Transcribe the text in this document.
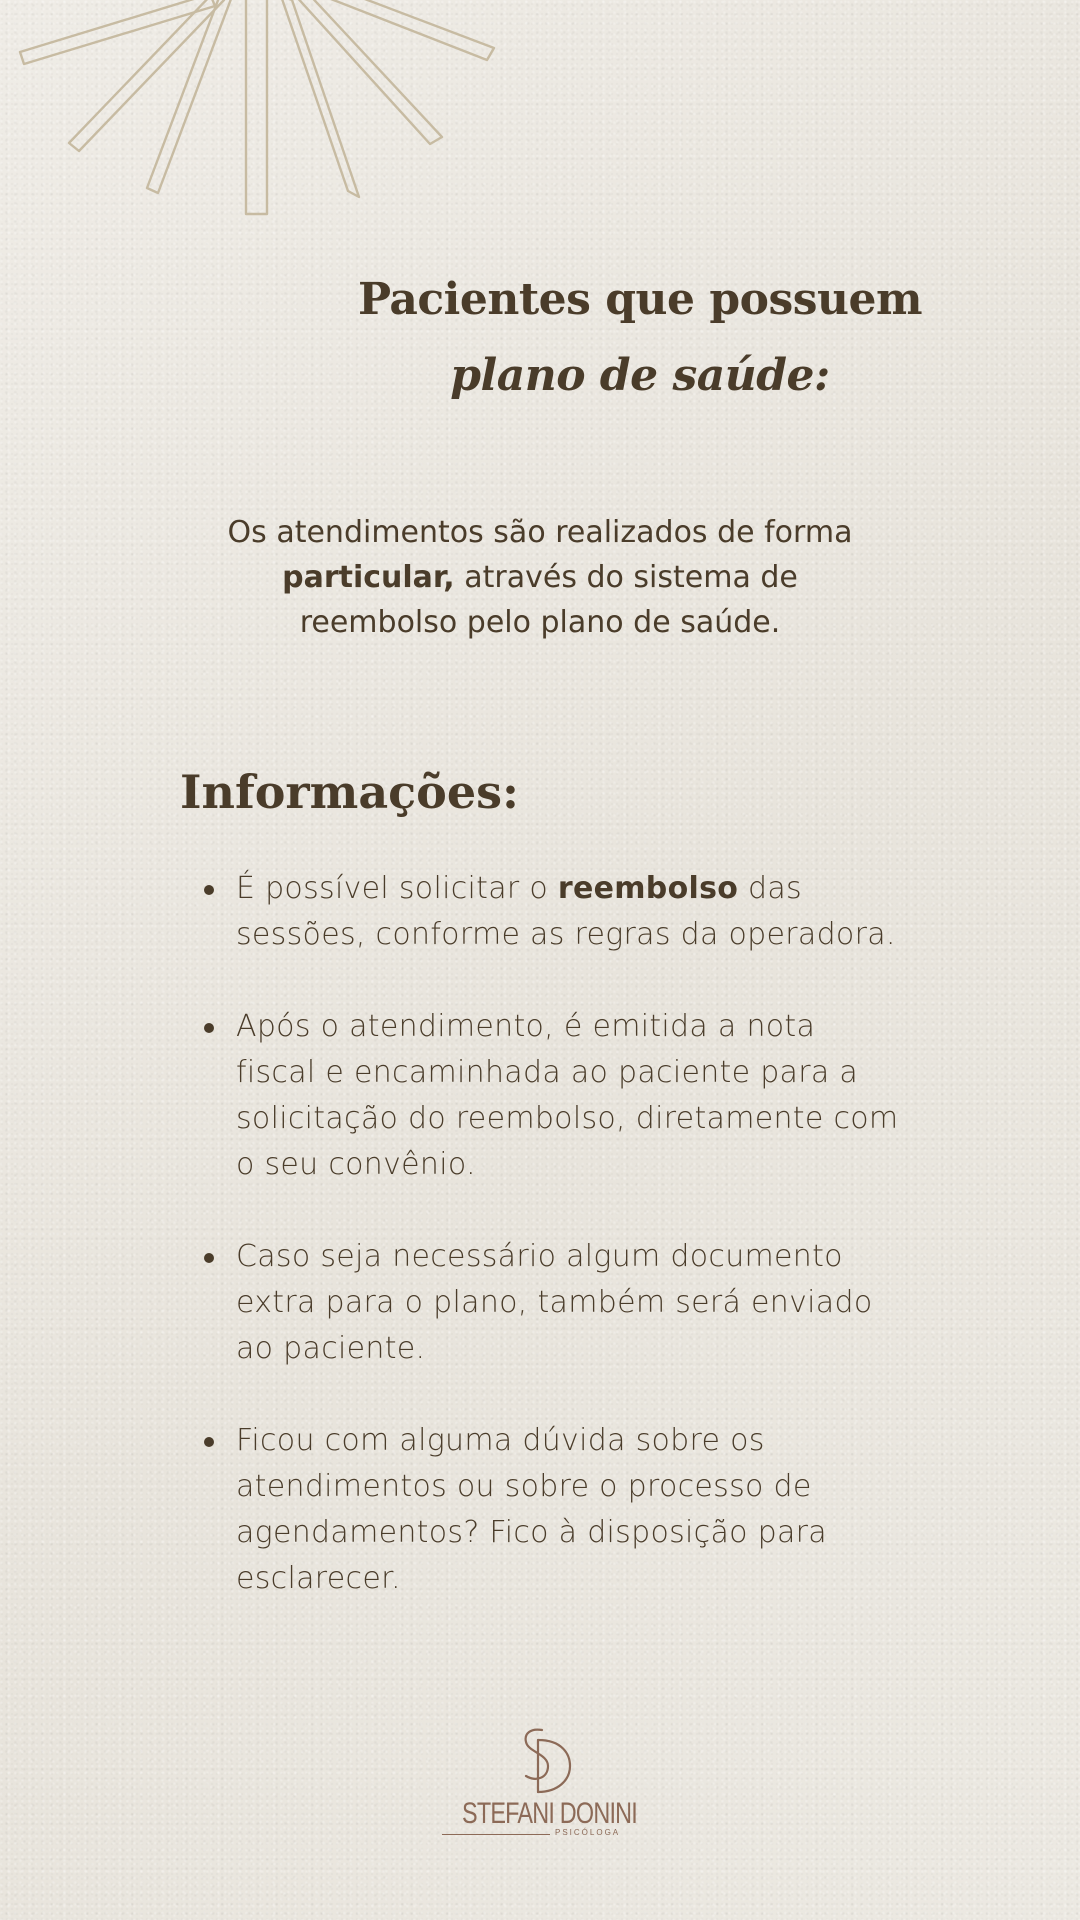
Pacientes que possuem
plano de saúde:

Os atendimentos são realizados de forma particular, através do sistema de reembolso pelo plano de saúde.

Informações:
É possível solicitar o reembolso das sessões, conforme as regras da operadora.
Após o atendimento, é emitida a nota fiscal e encaminhada ao paciente para a solicitação do reembolso, diretamente com o seu convênio.
Caso seja necessário algum documento extra para o plano, também será enviado ao paciente.
Ficou com alguma dúvida sobre os atendimentos ou sobre o processo de agendamentos? Fico à disposição para esclarecer.
STEFANI DONINI
PSICÓLOGA
